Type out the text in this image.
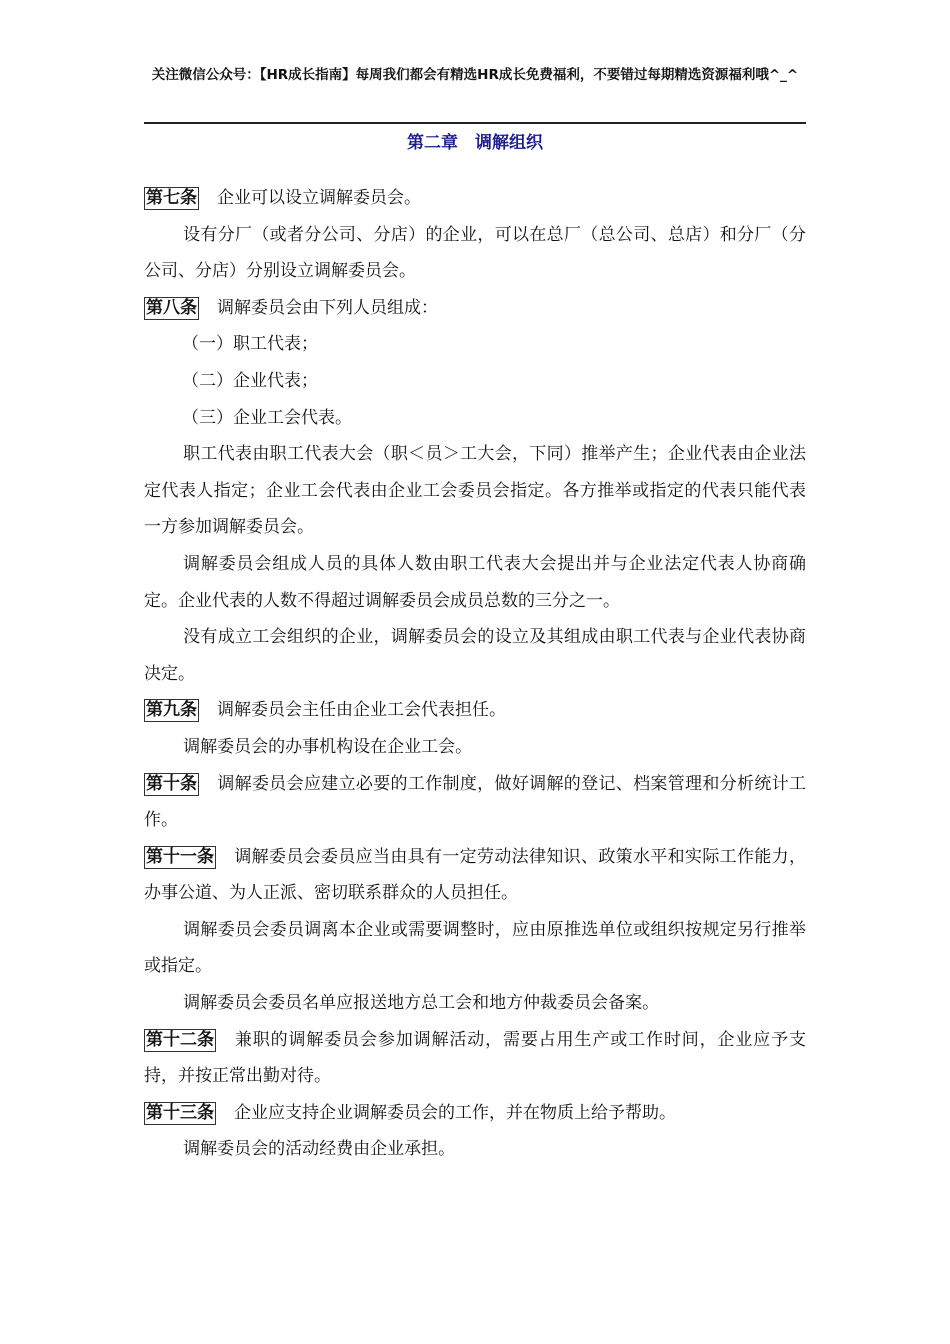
关注微信公众号：【HR成长指南】每周我们都会有精选HR成长免费福利，不要错过每期精选资源福利哦^_^
第二章　调解组织

第七条 企业可以设立调解委员会。

设有分厂（或者分公司、分店）的企业，可以在总厂（总公司、总店）和分厂（分公司、分店）分别设立调解委员会。

第八条 调解委员会由下列人员组成：

（一）职工代表；

（二）企业代表；

（三）企业工会代表。

职工代表由职工代表大会（职＜员＞工大会，下同）推举产生；企业代表由企业法定代表人指定；企业工会代表由企业工会委员会指定。各方推举或指定的代表只能代表一方参加调解委员会。

调解委员会组成人员的具体人数由职工代表大会提出并与企业法定代表人协商确定。企业代表的人数不得超过调解委员会成员总数的三分之一。

没有成立工会组织的企业，调解委员会的设立及其组成由职工代表与企业代表协商决定。

第九条 调解委员会主任由企业工会代表担任。

调解委员会的办事机构设在企业工会。

第十条 调解委员会应建立必要的工作制度，做好调解的登记、档案管理和分析统计工作。

第十一条 调解委员会委员应当由具有一定劳动法律知识、政策水平和实际工作能力，办事公道、为人正派、密切联系群众的人员担任。

调解委员会委员调离本企业或需要调整时，应由原推选单位或组织按规定另行推举或指定。

调解委员会委员名单应报送地方总工会和地方仲裁委员会备案。

第十二条 兼职的调解委员会参加调解活动，需要占用生产或工作时间，企业应予支持，并按正常出勤对待。

第十三条 企业应支持企业调解委员会的工作，并在物质上给予帮助。

调解委员会的活动经费由企业承担。
